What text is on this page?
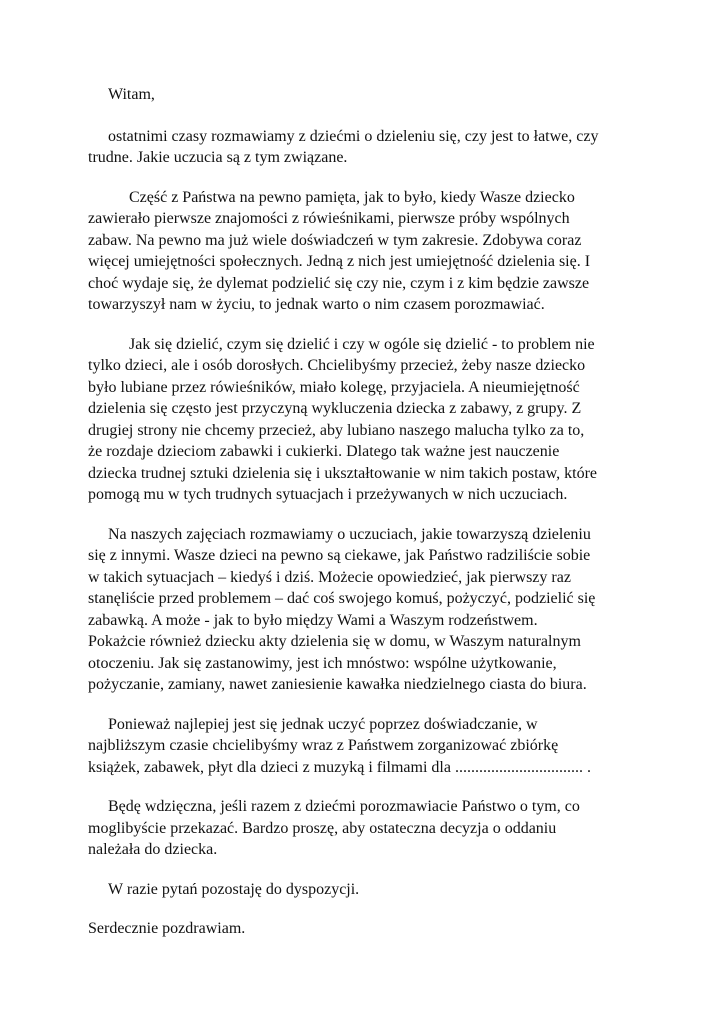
Witam,

ostatnimi czasy rozmawiamy z dziećmi o dzieleniu się, czy jest to łatwe, czy
trudne. Jakie uczucia są z tym związane.

Część z Państwa na pewno pamięta, jak to było, kiedy Wasze dziecko
zawierało pierwsze znajomości z rówieśnikami, pierwsze próby wspólnych
zabaw. Na pewno ma już wiele doświadczeń w tym zakresie. Zdobywa coraz
więcej umiejętności społecznych. Jedną z nich jest umiejętność dzielenia się. I
choć wydaje się, że dylemat podzielić się czy nie, czym i z kim będzie zawsze
towarzyszył nam w życiu, to jednak warto o nim czasem porozmawiać.

Jak się dzielić, czym się dzielić i czy w ogóle się dzielić - to problem nie
tylko dzieci, ale i osób dorosłych. Chcielibyśmy przecież, żeby nasze dziecko
było lubiane przez rówieśników, miało kolegę, przyjaciela. A nieumiejętność
dzielenia się często jest przyczyną wykluczenia dziecka z zabawy, z grupy. Z
drugiej strony nie chcemy przecież, aby lubiano naszego malucha tylko za to,
że rozdaje dzieciom zabawki i cukierki. Dlatego tak ważne jest nauczenie
dziecka trudnej sztuki dzielenia się i ukształtowanie w nim takich postaw, które
pomogą mu w tych trudnych sytuacjach i przeżywanych w nich uczuciach.

Na naszych zajęciach rozmawiamy o uczuciach, jakie towarzyszą dzieleniu
się z innymi. Wasze dzieci na pewno są ciekawe, jak Państwo radziliście sobie
w takich sytuacjach – kiedyś i dziś. Możecie opowiedzieć, jak pierwszy raz
stanęliście przed problemem – dać coś swojego komuś, pożyczyć, podzielić się
zabawką. A może - jak to było między Wami a Waszym rodzeństwem.
Pokażcie również dziecku akty dzielenia się w domu, w Waszym naturalnym
otoczeniu. Jak się zastanowimy, jest ich mnóstwo: wspólne użytkowanie,
pożyczanie, zamiany, nawet zaniesienie kawałka niedzielnego ciasta do biura.

Ponieważ najlepiej jest się jednak uczyć poprzez doświadczanie, w
najbliższym czasie chcielibyśmy wraz z Państwem zorganizować zbiórkę
książek, zabawek, płyt dla dzieci z muzyką i filmami dla ................................ .

Będę wdzięczna, jeśli razem z dziećmi porozmawiacie Państwo o tym, co
moglibyście przekazać. Bardzo proszę, aby ostateczna decyzja o oddaniu
należała do dziecka.

W razie pytań pozostaję do dyspozycji.

Serdecznie pozdrawiam.
